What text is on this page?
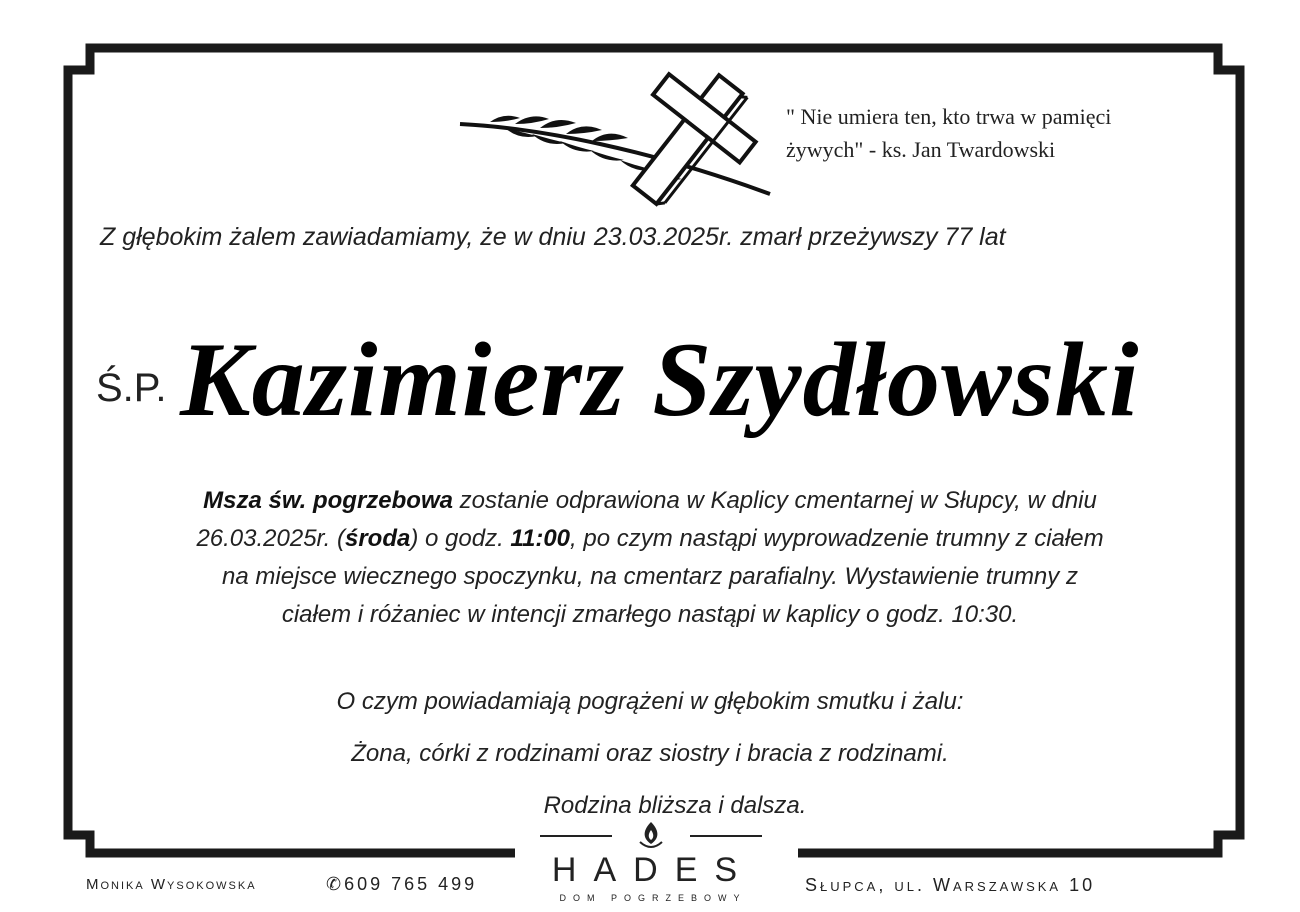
" Nie umiera ten, kto trwa w pamięci
żywych" - ks. Jan Twardowski
Z głębokim żalem zawiadamiamy, że w dniu 23.03.2025r. zmarł przeżywszy 77 lat
Ś.P. Kazimierz Szydłowski
Msza św. pogrzebowa zostanie odprawiona w Kaplicy cmentarnej w Słupcy, w dniu
26.03.2025r. (środa) o godz. 11:00, po czym nastąpi wyprowadzenie trumny z ciałem
na miejsce wiecznego spoczynku, na cmentarz parafialny. Wystawienie trumny z
ciałem i różaniec w intencji zmarłego nastąpi w kaplicy o godz. 10:30.
O czym powiadamiają pogrążeni w głębokim smutku i żalu:
Żona, córki z rodzinami oraz siostry i bracia z rodzinami.
Rodzina bliższa i dalsza.
Monika Wysokowska	✆609 765 499	HADES
DOM POGRZEBOWY
Słupca, ul. Warszawska 10
